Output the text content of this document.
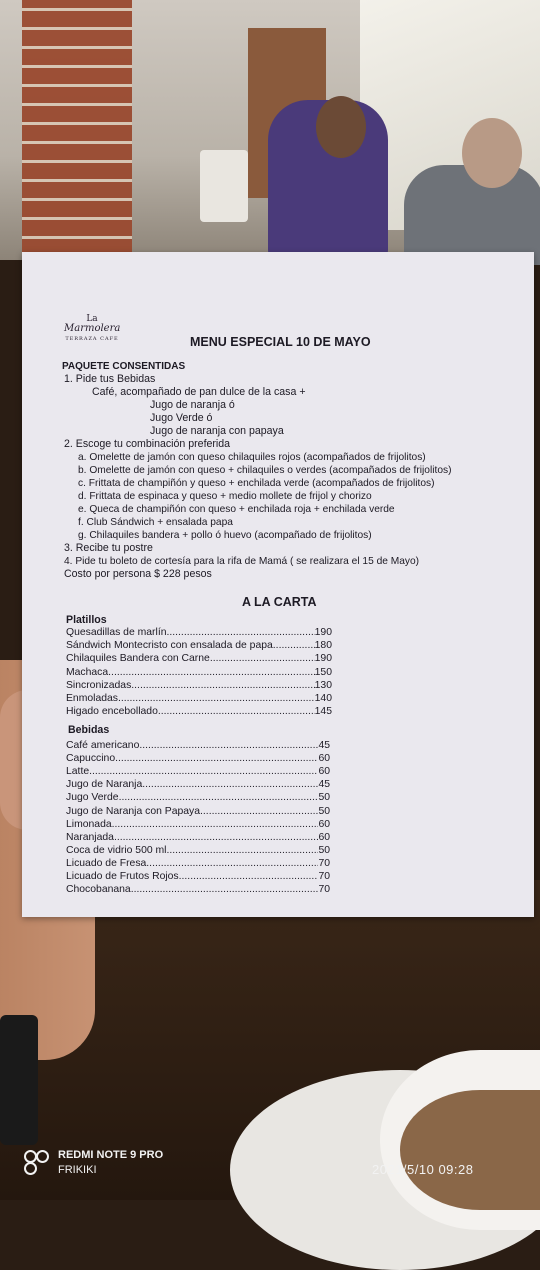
La
Marmolera
TERRAZA CAFE	MENU ESPECIAL 10 DE MAYO
PAQUETE CONSENTIDAS
1. Pide tus Bebidas
Café, acompañado de pan dulce de la casa +
Jugo de naranja ó
Jugo Verde ó
Jugo de naranja con papaya
2. Escoge tu combinación preferida
a. Omelette de jamón con queso chilaquiles rojos (acompañados de frijolitos)
b. Omelette de jamón con queso + chilaquiles o verdes (acompañados de frijolitos)
c. Frittata de champiñón y queso + enchilada verde (acompañados de frijolitos)
d. Frittata de espinaca y queso + medio mollete de frijol y chorizo
e. Queca de champiñón con queso + enchilada roja + enchilada verde
f. Club Sándwich + ensalada papa
g. Chilaquiles bandera + pollo ó huevo (acompañado de frijolitos)
3. Recibe tu postre
4. Pide tu boleto de cortesía para la rifa de Mamá ( se realizara el 15 de Mayo)
Costo por persona $ 228 pesos
A LA CARTA
Platillos
Quesadillas de marlín .....	190
Sándwich Montecristo con ensalada de papa .....	180
Chilaquiles Bandera con Carne .....	190
Machaca .....	150
Sincronizadas .....	130
Enmoladas .....	140
Higado encebollado .....	145
Bebidas
Café americano .....	45
Capuccino .....	60
Latte .....	60
Jugo de Naranja .....	45
Jugo Verde .....	50
Jugo de Naranja con Papaya .....	50
Limonada .....	60
Naranjada .....	60
Coca de vidrio 500 ml .....	50
Licuado de Fresa .....	70
Licuado de Frutos Rojos .....	70
Chocobanana .....	70
REDMI NOTE 9 PRO
FRIKIKI	2021/5/10 09:28
